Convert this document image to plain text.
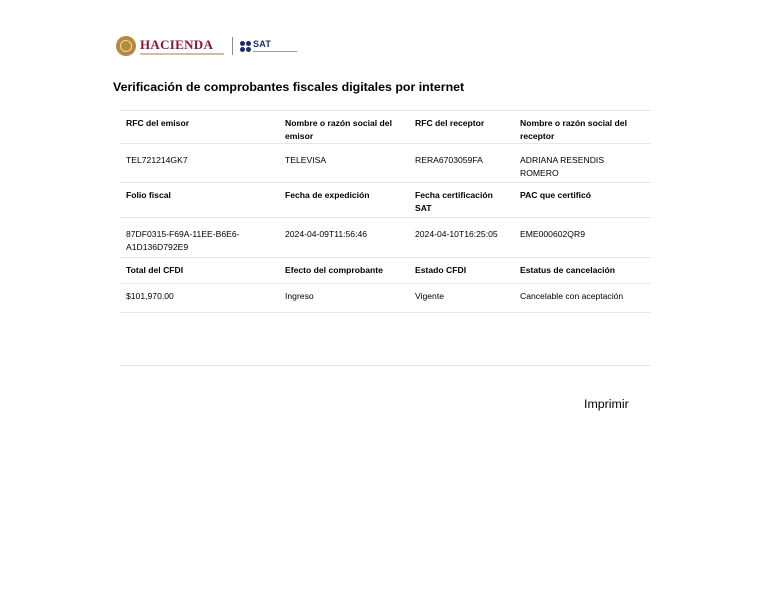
HACIENDA	SAT
Verificación de comprobantes fiscales digitales por internet
RFC del emisor	Nombre o razón social del emisor	RFC del receptor	Nombre o razón social del receptor
TEL721214GK7	TELEVISA	RERA6703059FA	ADRIANA RESENDIS ROMERO
Folio fiscal	Fecha de expedición	Fecha certificación SAT	PAC que certificó
87DF0315-F69A-11EE-B6E6-A1D136D792E9	2024-04-09T11:56:46	2024-04-10T16:25:05	EME000602QR9
Total del CFDI	Efecto del comprobante	Estado CFDI	Estatus de cancelación
$101,970.00	Ingreso	Vigente	Cancelable con aceptación
Imprimir
